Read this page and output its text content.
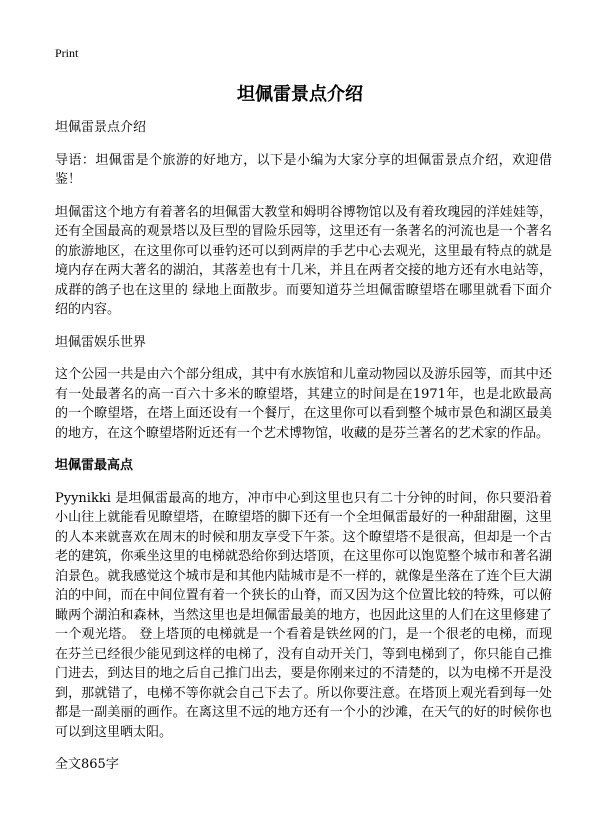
Print
坦佩雷景点介绍

坦佩雷景点介绍

导语：坦佩雷是个旅游的好地方，以下是小编为大家分享的坦佩雷景点介绍，欢迎借鉴！

坦佩雷这个地方有着著名的坦佩雷大教堂和姆明谷博物馆以及有着玫瑰园的洋娃娃等，还有全国最高的观景塔以及巨型的冒险乐园等，这里还有一条著名的河流也是一个著名的旅游地区，在这里你可以垂钓还可以到两岸的手艺中心去观光，这里最有特点的就是境内存在两大著名的湖泊，其落差也有十几米，并且在两者交接的地方还有水电站等，成群的鸽子也在这里的 绿地上面散步。而要知道芬兰坦佩雷瞭望塔在哪里就看下面介绍的内容。

坦佩雷娱乐世界

这个公园一共是由六个部分组成，其中有水族馆和儿童动物园以及游乐园等，而其中还有一处最著名的高一百六十多米的瞭望塔，其建立的时间是在1971年，也是北欧最高的一个瞭望塔，在塔上面还设有一个餐厅，在这里你可以看到整个城市景色和湖区最美的地方，在这个瞭望塔附近还有一个艺术博物馆，收藏的是芬兰著名的艺术家的作品。

坦佩雷最高点

Pyynikki 是坦佩雷最高的地方，冲市中心到这里也只有二十分钟的时间，你只要沿着小山往上就能看见瞭望塔，在瞭望塔的脚下还有一个全坦佩雷最好的一种甜甜圈，这里的人本来就喜欢在周末的时候和朋友享受下午茶。这个瞭望塔不是很高，但却是一个古老的建筑，你乘坐这里的电梯就恐给你到达塔顶，在这里你可以饱览整个城市和著名湖泊景色。就我感觉这个城市是和其他内陆城市是不一样的，就像是坐落在了连个巨大湖泊的中间，而在中间位置有着一个狭长的山脊，而又因为这个位置比较的特殊，可以俯瞰两个湖泊和森林，当然这里也是坦佩雷最美的地方，也因此这里的人们在这里修建了一个观光塔。 登上塔顶的电梯就是一个看着是铁丝网的门，是一个很老的电梯，而现在芬兰已经很少能见到这样的电梯了，没有自动开关门，等到电梯到了，你只能自己推门进去，到达目的地之后自己推门出去，要是你刚来过的不清楚的，以为电梯不开是没到，那就错了，电梯不等你就会自己下去了。所以你要注意。在塔顶上观光看到每一处都是一副美丽的画作。在离这里不远的地方还有一个小的沙滩，在天气的好的时候你也可以到这里晒太阳。

全文865字
